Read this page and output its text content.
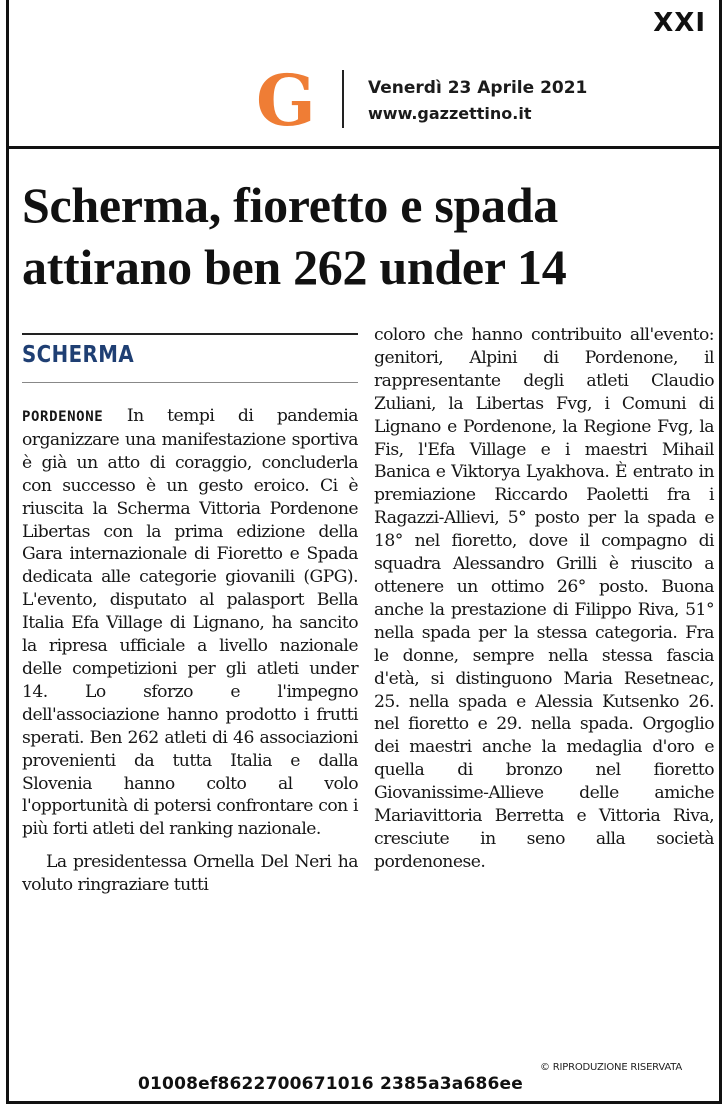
XXI
G	Venerdì 23 Aprile 2021
www.gazzettino.it
Scherma, fioretto e spada
attirano ben 262 under 14
SCHERMA

PORDENONE In tempi di pandemia organizzare una manifestazione sportiva è già un atto di coraggio, concluderla con successo è un gesto eroico. Ci è riuscita la Scherma Vittoria Pordenone Libertas con la prima edizione della Gara internazionale di Fioretto e Spada dedicata alle categorie giovanili (GPG). L'evento, disputato al palasport Bella Italia Efa Village di Lignano, ha sancito la ripresa ufficiale a livello nazionale delle competizioni per gli atleti under 14. Lo sforzo e l'impegno dell'associazione hanno prodotto i frutti sperati. Ben 262 atleti di 46 associazioni provenienti da tutta Italia e dalla Slovenia hanno colto al volo l'opportunità di potersi confrontare con i più forti atleti del ranking nazionale.

La presidentessa Ornella Del Neri ha voluto ringraziare tutti

coloro che hanno contribuito all'evento: genitori, Alpini di Pordenone, il rappresentante degli atleti Claudio Zuliani, la Libertas Fvg, i Comuni di Lignano e Pordenone, la Regione Fvg, la Fis, l'Efa Village e i maestri Mihail Banica e Viktorya Lyakhova. È entrato in premiazione Riccardo Paoletti fra i Ragazzi-Allievi, 5° posto per la spada e 18° nel fioretto, dove il compagno di squadra Alessandro Grilli è riuscito a ottenere un ottimo 26° posto. Buona anche la prestazione di Filippo Riva, 51° nella spada per la stessa categoria. Fra le donne, sempre nella stessa fascia d'età, si distinguono Maria Resetneac, 25. nella spada e Alessia Kutsenko 26. nel fioretto e 29. nella spada. Orgoglio dei maestri anche la medaglia d'oro e quella di bronzo nel fioretto Giovanissime-Allieve delle amiche Mariavittoria Berretta e Vittoria Riva, cresciute in seno alla società pordenonese.

© RIPRODUZIONE RISERVATA
01008ef8622700671016 2385a3a686ee
